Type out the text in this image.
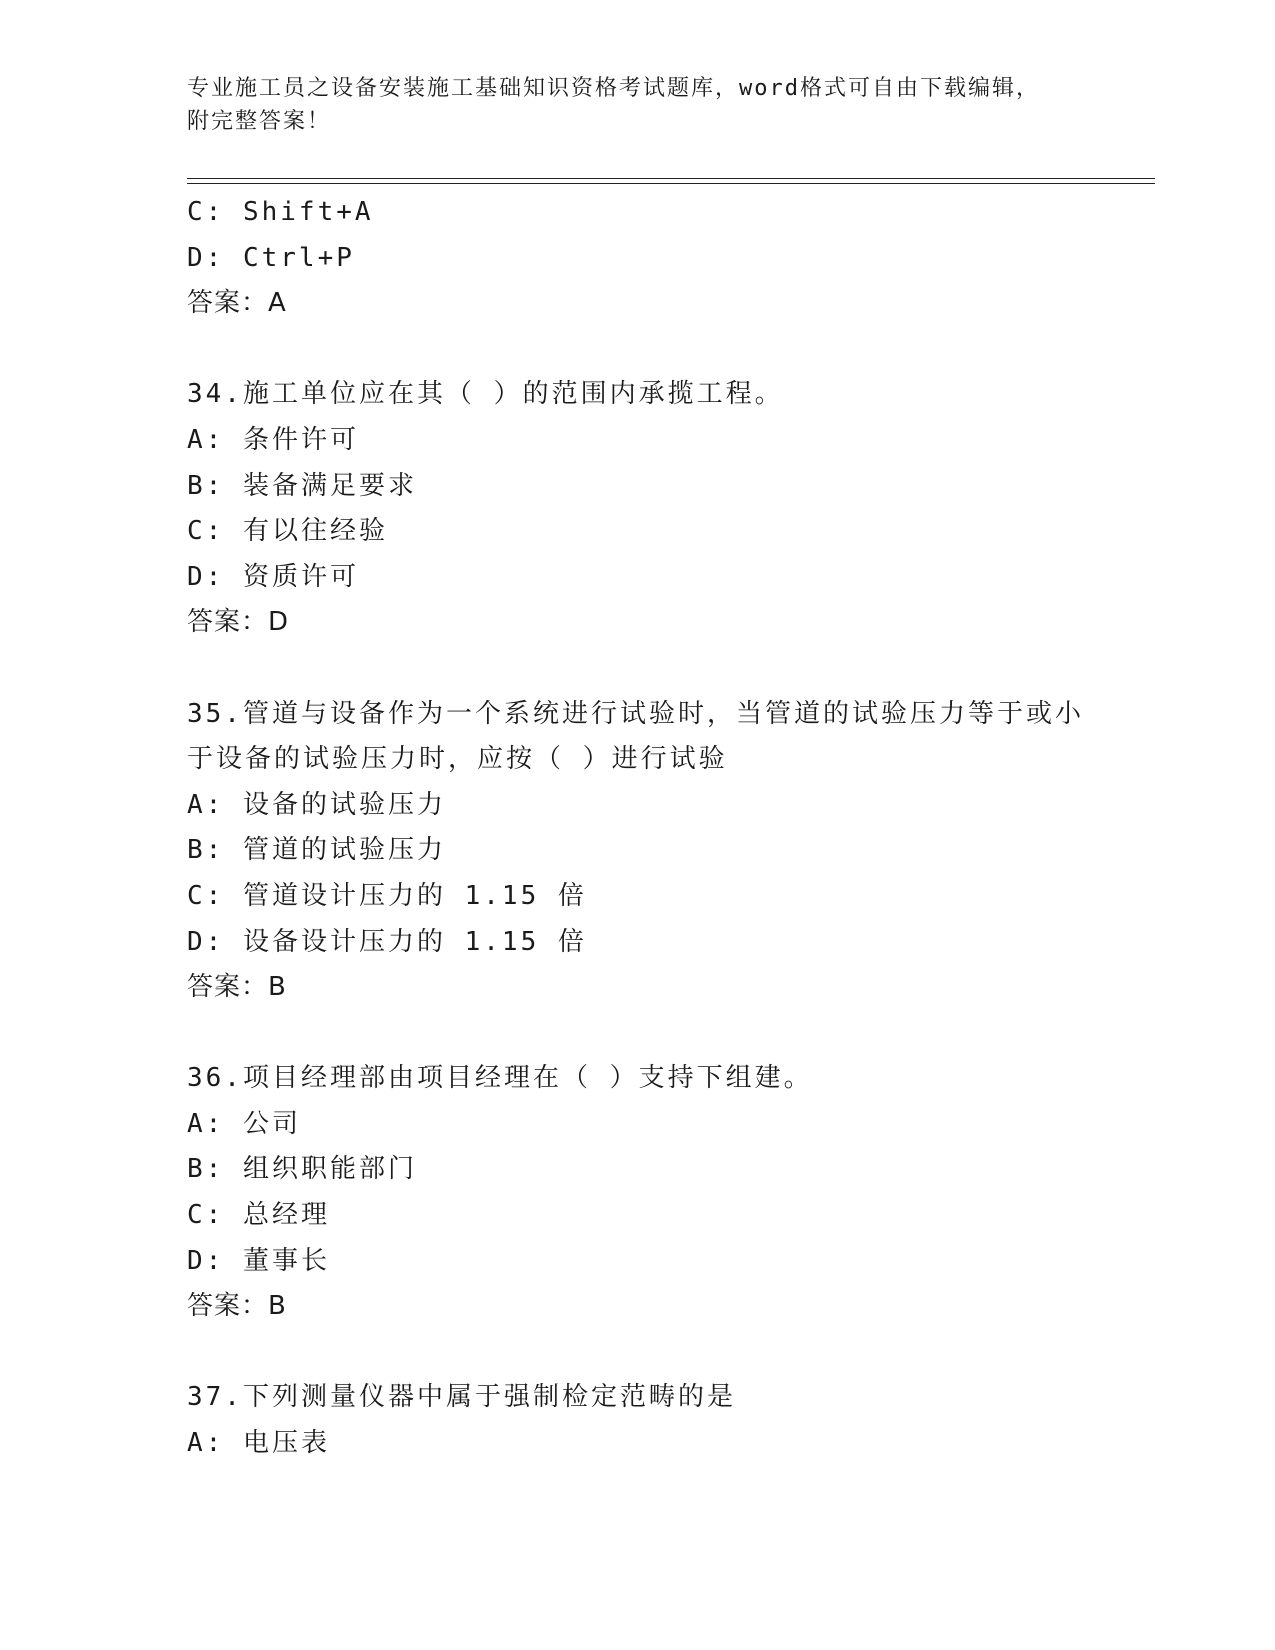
专业施工员之设备安装施工基础知识资格考试题库，word格式可自由下载编辑，
附完整答案！
C: Shift+A
D: Ctrl+P
答案：A
34.施工单位应在其（ ）的范围内承揽工程。
A: 条件许可
B: 装备满足要求
C: 有以往经验
D: 资质许可
答案：D
35.管道与设备作为一个系统进行试验时，当管道的试验压力等于或小
于设备的试验压力时，应按（ ）进行试验
A: 设备的试验压力
B: 管道的试验压力
C: 管道设计压力的 1.15 倍
D: 设备设计压力的 1.15 倍
答案：B
36.项目经理部由项目经理在（ ）支持下组建。
A: 公司
B: 组织职能部门
C: 总经理
D: 董事长
答案：B
37.下列测量仪器中属于强制检定范畴的是
A: 电压表
